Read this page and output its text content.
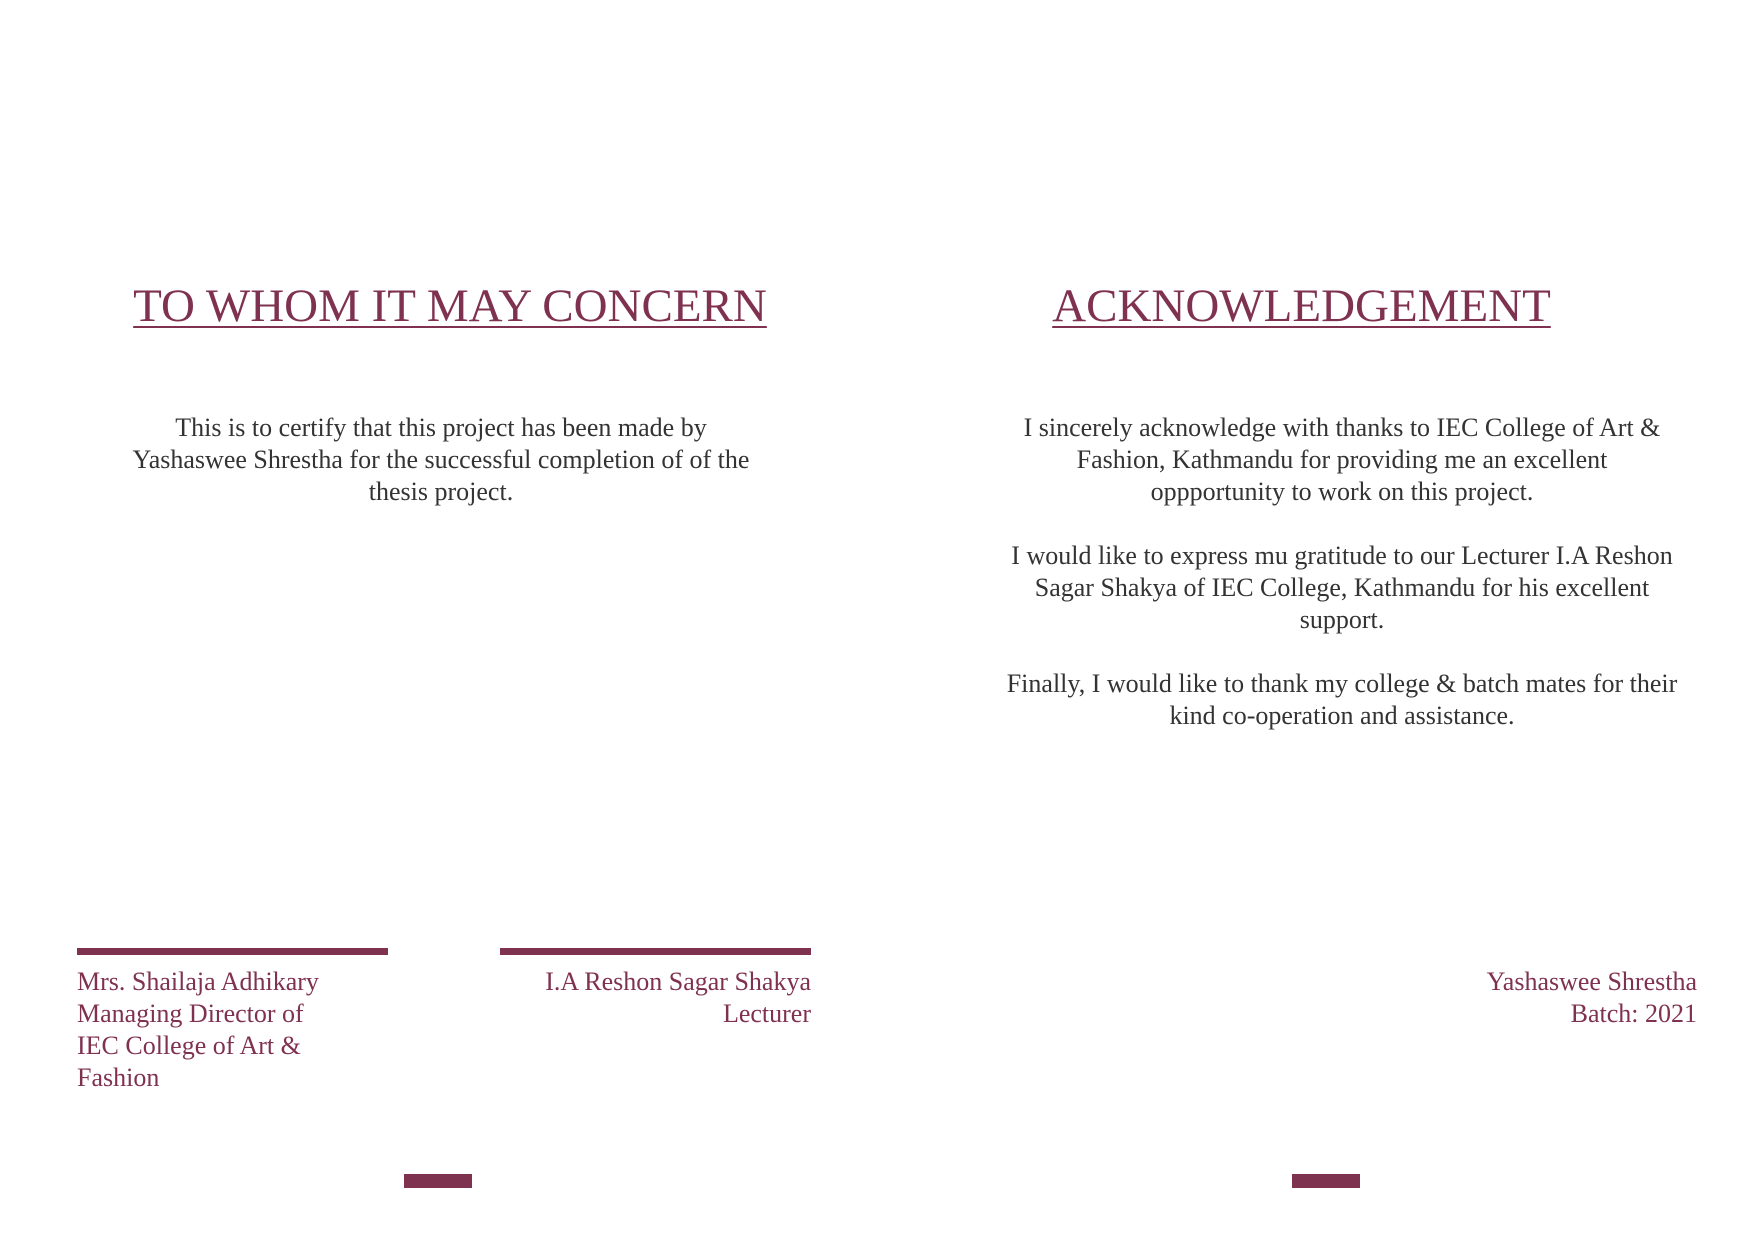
TO WHOM IT MAY CONCERN

This is to certify that this project has been made by
Yashaswee Shrestha for the successful completion of of the
thesis project.

Mrs. Shailaja Adhikary
Managing Director of
IEC College of Art &
Fashion

I.A Reshon Sagar Shakya
Lecturer

ACKNOWLEDGEMENT

I sincerely acknowledge with thanks to IEC College of Art &
Fashion, Kathmandu for providing me an excellent
oppportunity to work on this project.

I would like to express mu gratitude to our Lecturer I.A Reshon
Sagar Shakya of IEC College, Kathmandu for his excellent
support.

Finally, I would like to thank my college & batch mates for their
kind co-operation and assistance.

Yashaswee Shrestha
Batch: 2021
